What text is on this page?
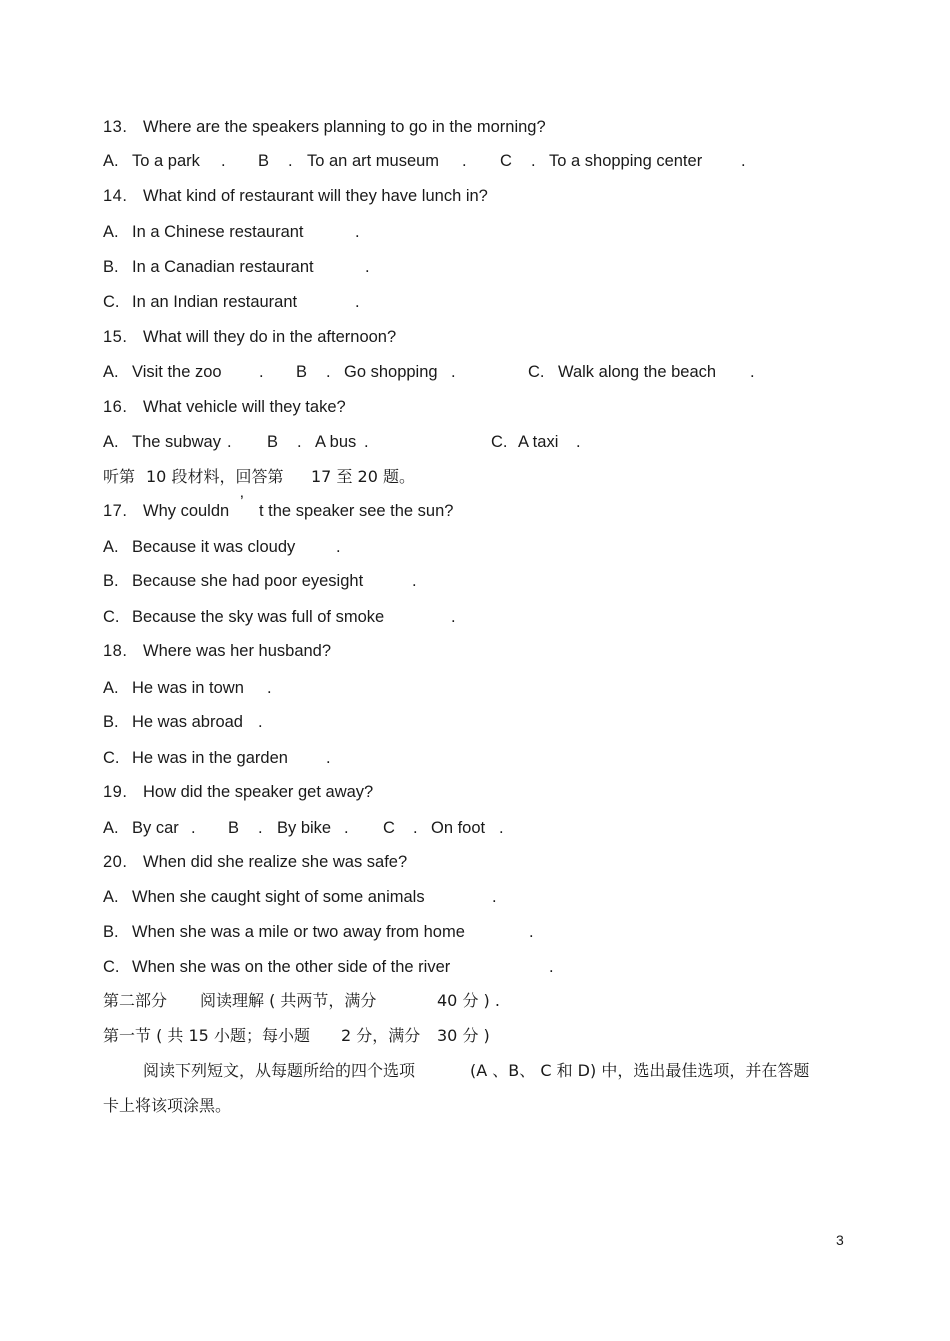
13. Where are the speakers planning to go in the morning?
A. To a park . B . To an art museum . C . To a shopping center .
14. What kind of restaurant will they have lunch in?
A. In a Chinese restaurant	.
B. In a Canadian restaurant	.
C. In an Indian restaurant	.
15. What will they do in the afternoon?
A. Visit the zoo . B . Go shopping .	C. Walk along the beach .
16. What vehicle will they take?
A. The subway . B . A bus .	C. A taxi .
听第 10 段材料，回答第 17 至 20 题。
17. Why couldn ’ t the speaker see the sun?
A. Because it was cloudy .
B. Because she had poor eyesight	.
C. Because the sky was full of smoke	.
18. Where was her husband?
A. He was in town .
B. He was abroad .
C. He was in the garden .
19. How did the speaker get away?
A. By car . B . By bike . C . On foot .
20. When did she realize she was safe?
A. When she caught sight of some animals	.
B. When she was a mile or two away from home	.
C. When she was on the other side of the river	.
第二部分 阅读理解 ( 共两节，满分	40 分 ) .
第一节 ( 共 15 小题；每小题 2 分，满分 30 分 )
阅读下列短文，从每题所给的四个选项	(A 、B、 C 和 D) 中，选出最佳选项，并在答题
卡上将该项涂黑。
3
